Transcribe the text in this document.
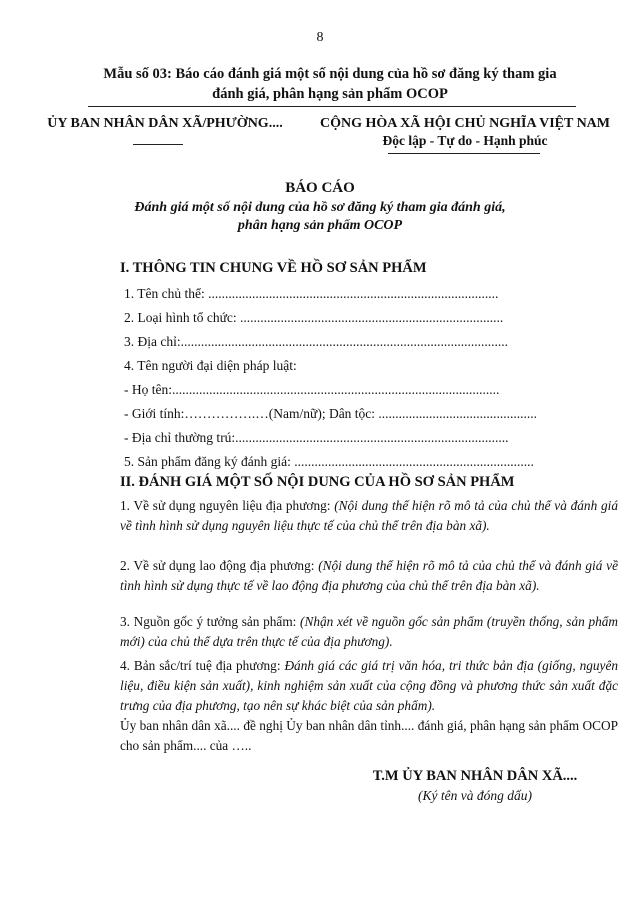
8
Mẫu số 03: Báo cáo đánh giá một số nội dung của hồ sơ đăng ký tham gia
đánh giá, phân hạng sản phẩm OCOP
ỦY BAN NHÂN DÂN XÃ/PHƯỜNG....	CỘNG HÒA XÃ HỘI CHỦ NGHĨA VIỆT NAM
Độc lập - Tự do - Hạnh phúc
BÁO CÁO
Đánh giá một số nội dung của hồ sơ đăng ký tham gia đánh giá,
phân hạng sản phẩm OCOP
I. THÔNG TIN CHUNG VỀ HỒ SƠ SẢN PHẨM
1. Tên chủ thể: ......................................................................................
2. Loại hình tổ chức: ..............................................................................
3. Địa chỉ:.................................................................................................
4. Tên người đại diện pháp luật:
- Họ tên:.................................................................................................
- Giới tính:…………….…(Nam/nữ); Dân tộc: ...............................................
- Địa chỉ thường trú:.................................................................................
5. Sản phẩm đăng ký đánh giá: .......................................................................
II. ĐÁNH GIÁ MỘT SỐ NỘI DUNG CỦA HỒ SƠ SẢN PHẨM
1. Về sử dụng nguyên liệu địa phương: (Nội dung thể hiện rõ mô tả của chủ thể và đánh giá về tình hình sử dụng nguyên liệu thực tế của chủ thể trên địa bàn xã).
2. Về sử dụng lao động địa phương: (Nội dung thể hiện rõ mô tả của chủ thể và đánh giá về tình hình sử dụng thực tế về lao động địa phương của chủ thể trên địa bàn xã).
3. Nguồn gốc ý tưởng sản phẩm: (Nhận xét về nguồn gốc sản phẩm (truyền thống, sản phẩm mới) của chủ thể dựa trên thực tế của địa phương).
4. Bản sắc/trí tuệ địa phương: Đánh giá các giá trị văn hóa, tri thức bản địa (giống, nguyên liệu, điều kiện sản xuất), kinh nghiệm sản xuất của cộng đồng và phương thức sản xuất đặc trưng của địa phương, tạo nên sự khác biệt của sản phẩm).
Ủy ban nhân dân xã.... đề nghị Ủy ban nhân dân tỉnh.... đánh giá, phân hạng sản phẩm OCOP cho sản phẩm.... của …..
T.M ỦY BAN NHÂN DÂN XÃ....
(Ký tên và đóng dấu)
